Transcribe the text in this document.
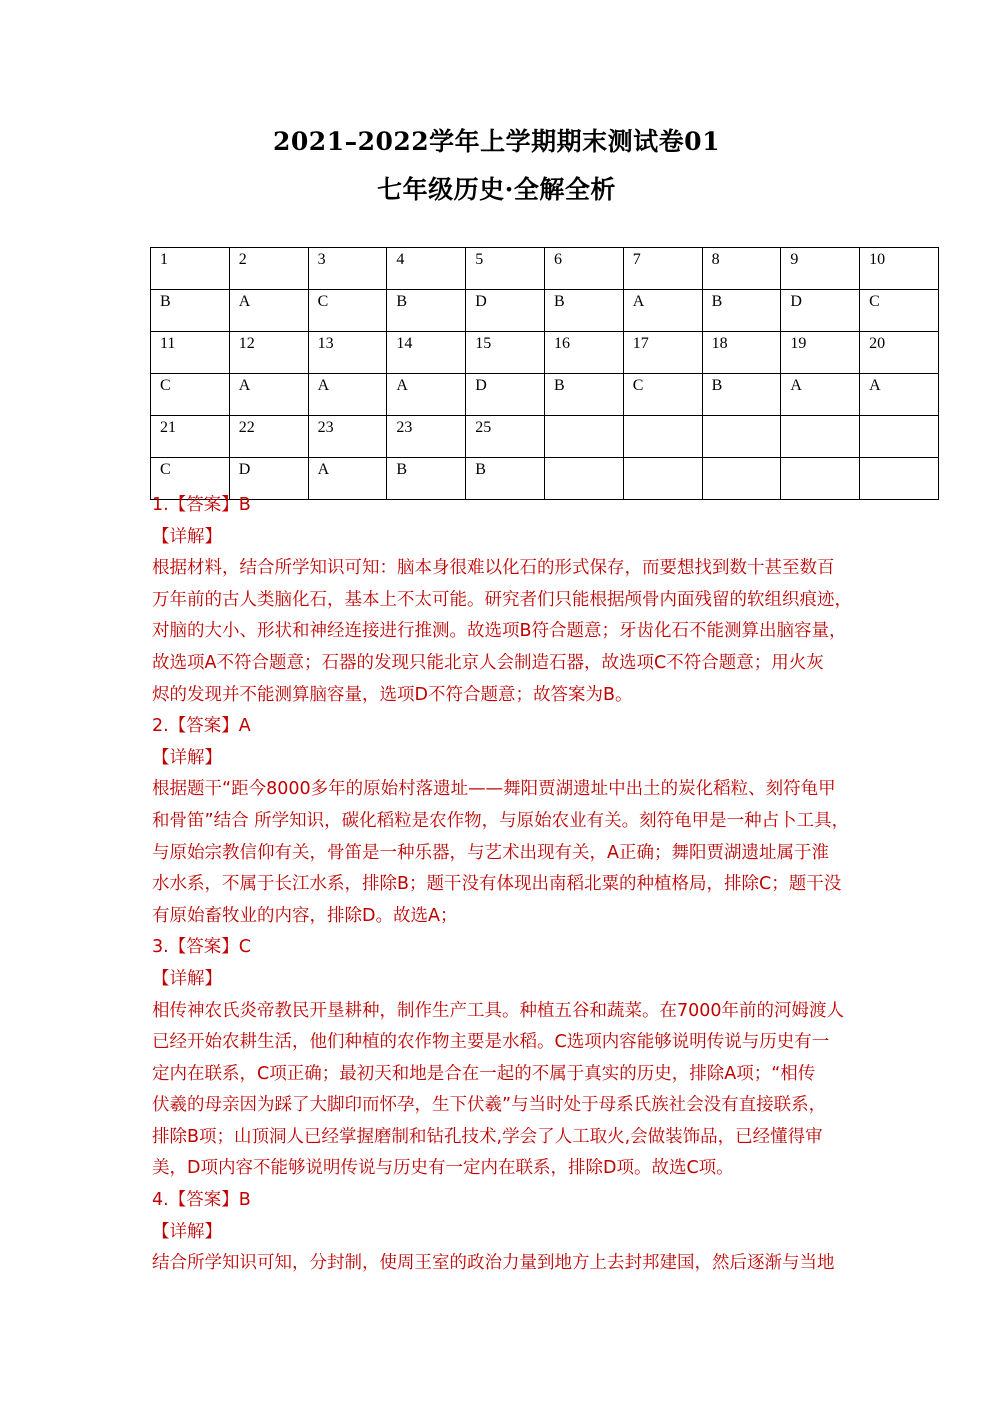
2021–2022学年上学期期末测试卷01
七年级历史·全解全析
1	2	3	4	5	6	7	8	9	10
B	A	C	B	D	B	A	B	D	C
11	12	13	14	15	16	17	18	19	20
C	A	A	A	D	B	C	B	A	A
21	22	23	23	25					
C	D	A	B	B					

1.【答案】B

【详解】

根据材料，结合所学知识可知：脑本身很难以化石的形式保存，而要想找到数十甚至数百

万年前的古人类脑化石，基本上不太可能。研究者们只能根据颅骨内面残留的软组织痕迹，

对脑的大小、形状和神经连接进行推测。故选项B符合题意；牙齿化石不能测算出脑容量，

故选项A不符合题意；石器的发现只能北京人会制造石器，故选项C不符合题意；用火灰

烬的发现并不能测算脑容量，选项D不符合题意；故答案为B。

2.【答案】A

【详解】

根据题干“距今8000多年的原始村落遗址——舞阳贾湖遗址中出土的炭化稻粒、刻符龟甲

和骨笛”结合 所学知识，碳化稻粒是农作物，与原始农业有关。刻符龟甲是一种占卜工具，

与原始宗教信仰有关，骨笛是一种乐器，与艺术出现有关，A正确；舞阳贾湖遗址属于淮

水水系，不属于长江水系，排除B；题干没有体现出南稻北粟的种植格局，排除C；题干没

有原始畜牧业的内容，排除D。故选A；

3.【答案】C

【详解】

相传神农氏炎帝教民开垦耕种，制作生产工具。种植五谷和蔬菜。在7000年前的河姆渡人

已经开始农耕生活，他们种植的农作物主要是水稻。C选项内容能够说明传说与历史有一

定内在联系，C项正确；最初天和地是合在一起的不属于真实的历史，排除A项；“相传

伏羲的母亲因为踩了大脚印而怀孕，生下伏羲”与当时处于母系氏族社会没有直接联系，

排除B项；山顶洞人已经掌握磨制和钻孔技术,学会了人工取火,会做装饰品，已经懂得审

美，D项内容不能够说明传说与历史有一定内在联系，排除D项。故选C项。

4.【答案】B

【详解】

结合所学知识可知，分封制，使周王室的政治力量到地方上去封邦建国，然后逐渐与当地
